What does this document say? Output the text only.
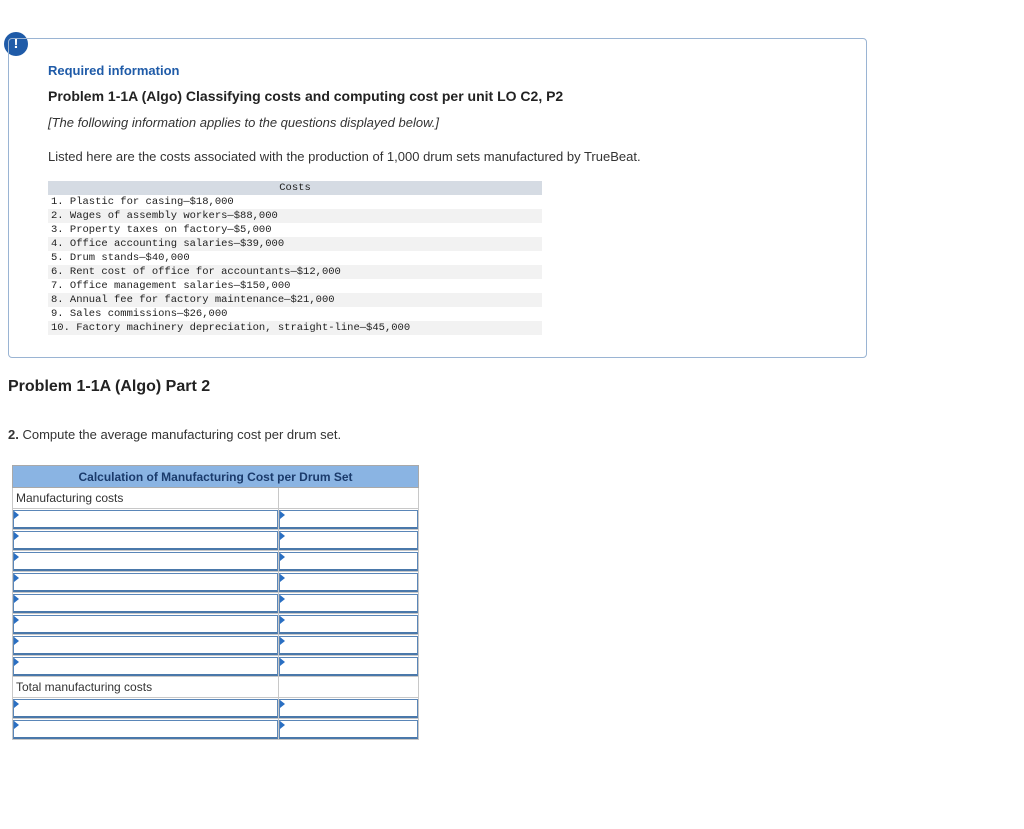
!
Required information
Problem 1-1A (Algo) Classifying costs and computing cost per unit LO C2, P2
[The following information applies to the questions displayed below.]
Listed here are the costs associated with the production of 1,000 drum sets manufactured by TrueBeat.
Costs
1. Plastic for casing—$18,000
2. Wages of assembly workers—$88,000
3. Property taxes on factory—$5,000
4. Office accounting salaries—$39,000
5. Drum stands—$40,000
6. Rent cost of office for accountants—$12,000
7. Office management salaries—$150,000
8. Annual fee for factory maintenance—$21,000
9. Sales commissions—$26,000
10. Factory machinery depreciation, straight-line—$45,000
Problem 1-1A (Algo) Part 2
2. Compute the average manufacturing cost per drum set.
Calculation of Manufacturing Cost per Drum Set	
Manufacturing costs	

Total manufacturing costs	
